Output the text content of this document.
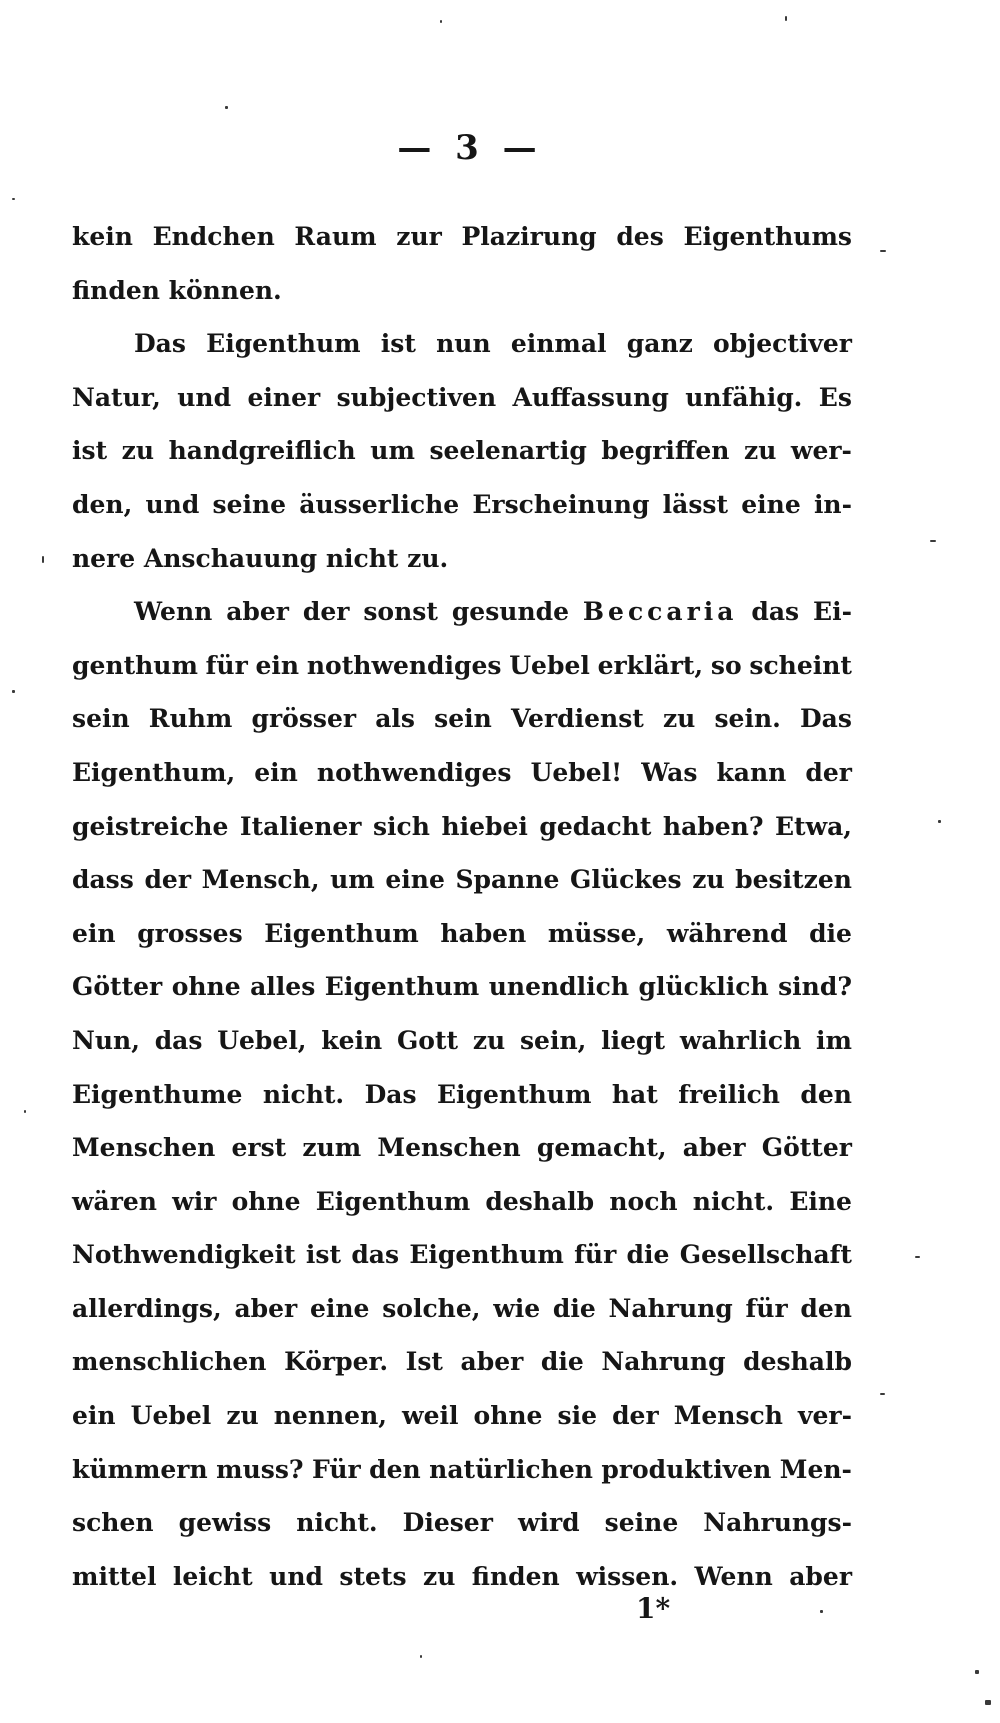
— 3 —
kein Endchen Raum zur Plazirung des Eigenthums
finden können.
Das Eigenthum ist nun einmal ganz objectiver
Natur, und einer subjectiven Auffassung unfähig. Es
ist zu handgreiflich um seelenartig begriffen zu wer-
den, und seine äusserliche Erscheinung lässt eine in-
nere Anschauung nicht zu.
Wenn aber der sonst gesunde Beccaria das Ei-
genthum für ein nothwendiges Uebel erklärt, so scheint
sein Ruhm grösser als sein Verdienst zu sein. Das
Eigenthum, ein nothwendiges Uebel! Was kann der
geistreiche Italiener sich hiebei gedacht haben? Etwa,
dass der Mensch, um eine Spanne Glückes zu besitzen
ein grosses Eigenthum haben müsse, während die
Götter ohne alles Eigenthum unendlich glücklich sind?
Nun, das Uebel, kein Gott zu sein, liegt wahrlich im
Eigenthume nicht. Das Eigenthum hat freilich den
Menschen erst zum Menschen gemacht, aber Götter
wären wir ohne Eigenthum deshalb noch nicht. Eine
Nothwendigkeit ist das Eigenthum für die Gesellschaft
allerdings, aber eine solche, wie die Nahrung für den
menschlichen Körper. Ist aber die Nahrung deshalb
ein Uebel zu nennen, weil ohne sie der Mensch ver-
kümmern muss? Für den natürlichen produktiven Men-
schen gewiss nicht. Dieser wird seine Nahrungs-
mittel leicht und stets zu finden wissen. Wenn aber
1*
